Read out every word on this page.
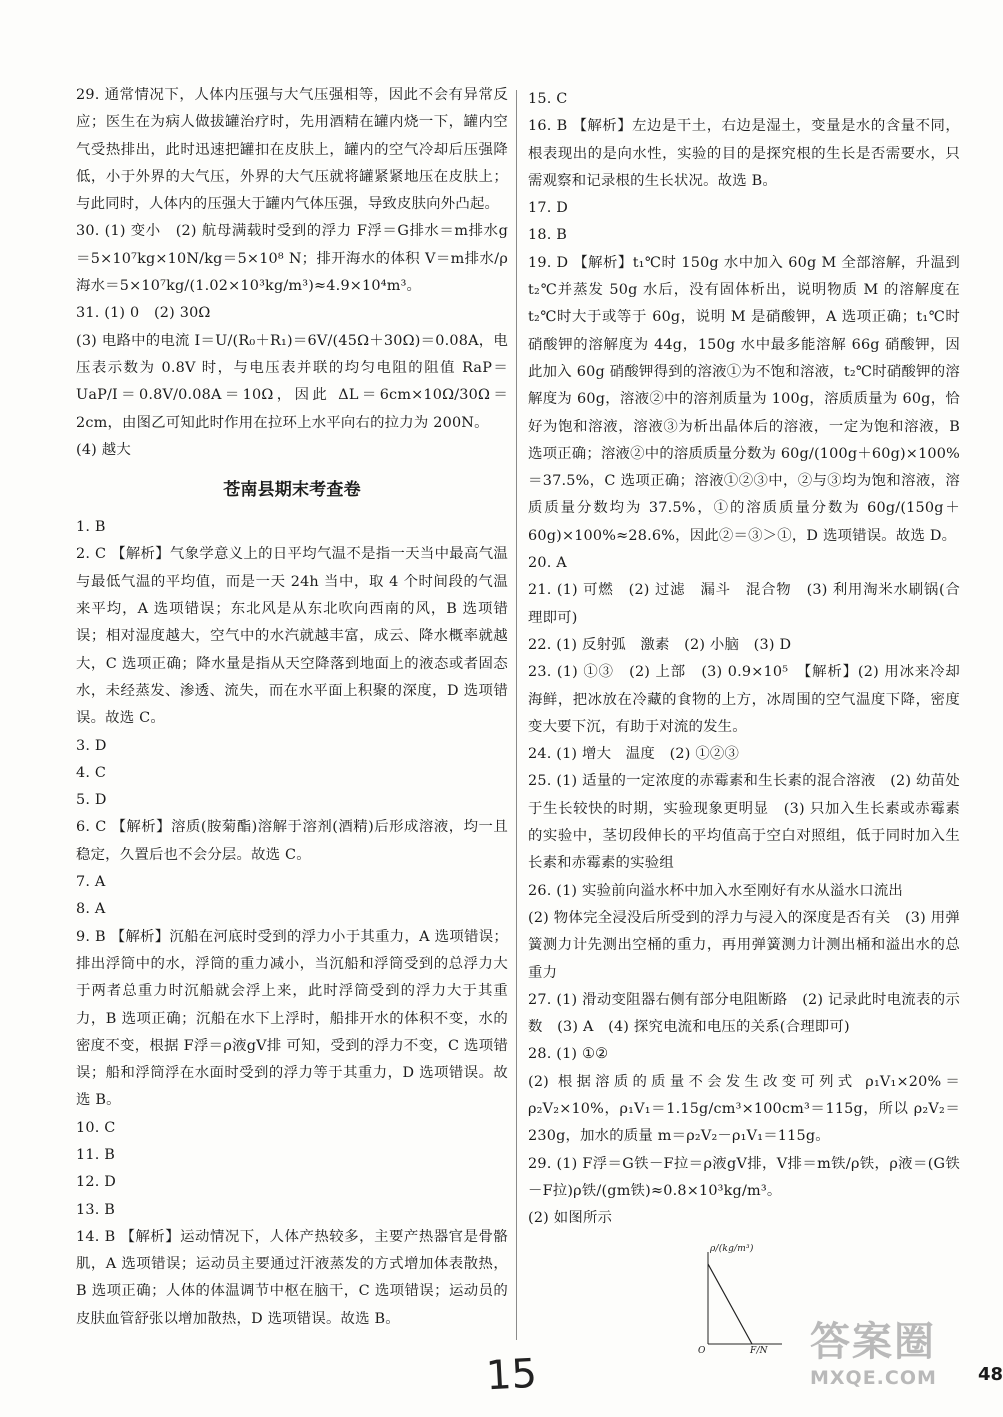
29. 通常情况下，人体内压强与大气压强相等，因此不会有异常反应；医生在为病人做拔罐治疗时，先用酒精在罐内烧一下，罐内空气受热排出，此时迅速把罐扣在皮肤上，罐内的空气冷却后压强降低，小于外界的大气压，外界的大气压就将罐紧紧地压在皮肤上；与此同时，人体内的压强大于罐内气体压强，导致皮肤向外凸起。

30. (1) 变小　(2) 航母满载时受到的浮力 F浮＝G排水＝m排水g＝5×10⁷kg×10N/kg＝5×10⁸ N；排开海水的体积 V＝m排水/ρ海水＝5×10⁷kg/(1.02×10³kg/m³)≈4.9×10⁴m³。

31. (1) 0　(2) 30Ω

(3) 电路中的电流 I＝U/(R₀＋R₁)＝6V/(45Ω＋30Ω)＝0.08A，电压表示数为 0.8V 时，与电压表并联的均匀电阻的阻值 RaP＝UaP/I＝0.8V/0.08A＝10Ω，因此 ΔL＝6cm×10Ω/30Ω＝2cm，由图乙可知此时作用在拉环上水平向右的拉力为 200N。

(4) 越大

苍南县期末考查卷

1. B

2. C 【解析】气象学意义上的日平均气温不是指一天当中最高气温与最低气温的平均值，而是一天 24h 当中，取 4 个时间段的气温来平均，A 选项错误；东北风是从东北吹向西南的风，B 选项错误；相对湿度越大，空气中的水汽就越丰富，成云、降水概率就越大，C 选项正确；降水量是指从天空降落到地面上的液态或者固态水，未经蒸发、渗透、流失，而在水平面上积聚的深度，D 选项错误。故选 C。

3. D

4. C

5. D

6. C 【解析】溶质(胺菊酯)溶解于溶剂(酒精)后形成溶液，均一且稳定，久置后也不会分层。故选 C。

7. A

8. A

9. B 【解析】沉船在河底时受到的浮力小于其重力，A 选项错误；排出浮筒中的水，浮筒的重力减小，当沉船和浮筒受到的总浮力大于两者总重力时沉船就会浮上来，此时浮筒受到的浮力大于其重力，B 选项正确；沉船在水下上浮时，船排开水的体积不变，水的密度不变，根据 F浮＝ρ液gV排 可知，受到的浮力不变，C 选项错误；船和浮筒浮在水面时受到的浮力等于其重力，D 选项错误。故选 B。

10. C

11. B

12. D

13. B

14. B 【解析】运动情况下，人体产热较多，主要产热器官是骨骼肌，A 选项错误；运动员主要通过汗液蒸发的方式增加体表散热，B 选项正确；人体的体温调节中枢在脑干，C 选项错误；运动员的皮肤血管舒张以增加散热，D 选项错误。故选 B。

15. C

16. B 【解析】左边是干土，右边是湿土，变量是水的含量不同，根表现出的是向水性，实验的目的是探究根的生长是否需要水，只需观察和记录根的生长状况。故选 B。

17. D

18. B

19. D 【解析】t₁℃时 150g 水中加入 60g M 全部溶解，升温到 t₂℃并蒸发 50g 水后，没有固体析出，说明物质 M 的溶解度在 t₂℃时大于或等于 60g，说明 M 是硝酸钾，A 选项正确；t₁℃时硝酸钾的溶解度为 44g，150g 水中最多能溶解 66g 硝酸钾，因此加入 60g 硝酸钾得到的溶液①为不饱和溶液，t₂℃时硝酸钾的溶解度为 60g，溶液②中的溶剂质量为 100g，溶质质量为 60g，恰好为饱和溶液，溶液③为析出晶体后的溶液，一定为饱和溶液，B 选项正确；溶液②中的溶质质量分数为 60g/(100g＋60g)×100%＝37.5%，C 选项正确；溶液①②③中，②与③均为饱和溶液，溶质质量分数均为 37.5%，①的溶质质量分数为 60g/(150g＋60g)×100%≈28.6%，因此②＝③＞①，D 选项错误。故选 D。

20. A

21. (1) 可燃　(2) 过滤　漏斗　混合物　(3) 利用淘米水刷锅(合理即可)

22. (1) 反射弧　激素　(2) 小脑　(3) D

23. (1) ①③　(2) 上部　(3) 0.9×10⁵　【解析】(2) 用冰来冷却海鲜，把冰放在冷藏的食物的上方，冰周围的空气温度下降，密度变大要下沉，有助于对流的发生。

24. (1) 增大　温度　(2) ①②③

25. (1) 适量的一定浓度的赤霉素和生长素的混合溶液　(2) 幼苗处于生长较快的时期，实验现象更明显　(3) 只加入生长素或赤霉素的实验中，茎切段伸长的平均值高于空白对照组，低于同时加入生长素和赤霉素的实验组

26. (1) 实验前向溢水杯中加入水至刚好有水从溢水口流出

(2) 物体完全浸没后所受到的浮力与浸入的深度是否有关　(3) 用弹簧测力计先测出空桶的重力，再用弹簧测力计测出桶和溢出水的总重力

27. (1) 滑动变阻器右侧有部分电阻断路　(2) 记录此时电流表的示数　(3) A　(4) 探究电流和电压的关系(合理即可)

28. (1) ①②

(2) 根据溶质的质量不会发生改变可列式 ρ₁V₁×20%＝ρ₂V₂×10%，ρ₁V₁＝1.15g/cm³×100cm³＝115g，所以 ρ₂V₂＝230g，加水的质量 m＝ρ₂V₂－ρ₁V₁＝115g。

29. (1) F浮＝G铁－F拉＝ρ液gV排，V排＝m铁/ρ铁，ρ液＝(G铁－F拉)ρ铁/(gm铁)≈0.8×10³kg/m³。

(2) 如图所示

ρ/(kg/m³)
O	F/N
15	48
答案圈
MXQE.COM
